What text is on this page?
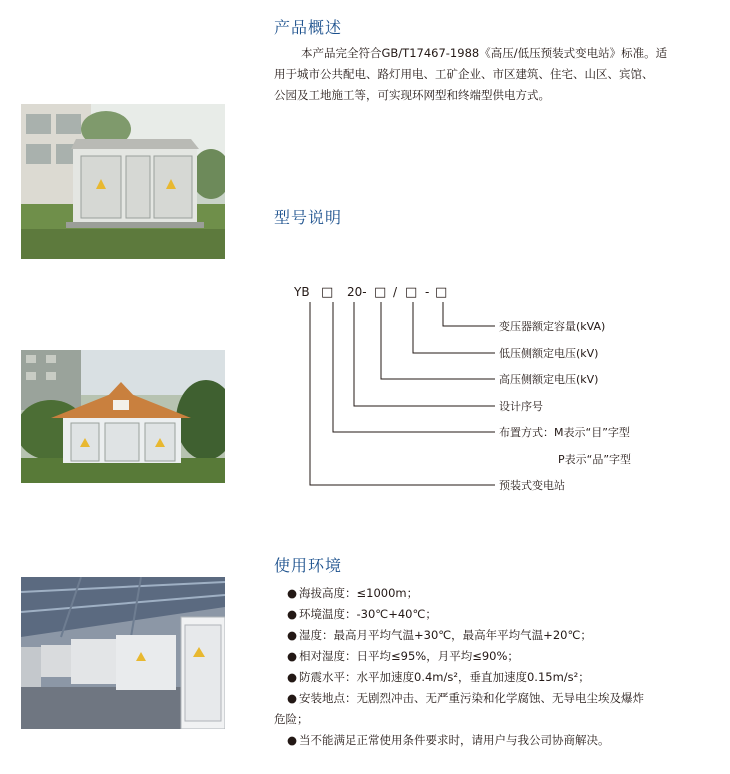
产品概述
本产品完全符合GB/T17467-1988《高压/低压预装式变电站》标准。适
用于城市公共配电、路灯用电、工矿企业、市区建筑、住宅、山区、宾馆、
公园及工地施工等，可实现环网型和终端型供电方式。
型号说明
YB □ 20- □ / □ - □
变压器额定容量(kVA)
低压侧额定电压(kV)
高压侧额定电压(kV)
设计序号
布置方式：M表示“目”字型
P表示“品”字型
预装式变电站
使用环境
● 海拔高度：≤1000m；
● 环境温度：-30℃+40℃；
● 湿度：最高月平均气温+30℃，最高年平均气温+20℃；
● 相对湿度：日平均≤95%，月平均≤90%；
● 防震水平：水平加速度0.4m/s²，垂直加速度0.15m/s²；
● 安装地点：无剧烈冲击、无严重污染和化学腐蚀、无导电尘埃及爆炸
危险；
● 当不能满足正常使用条件要求时，请用户与我公司协商解决。
